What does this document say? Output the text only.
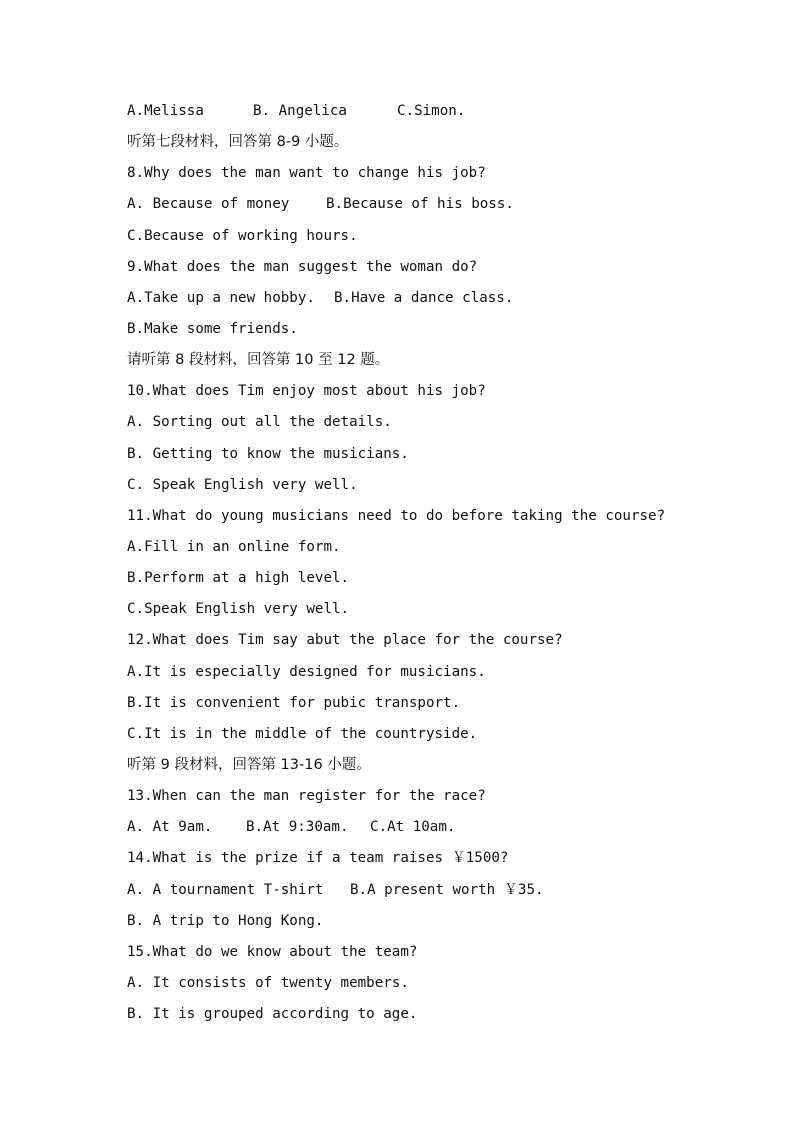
A.Melissa	B. Angelica	C.Simon.
听第七段材料，回答第 8-9 小题。
8.Why does the man want to change his job?
A. Because of money	B.Because of his boss.
C.Because of working hours.
9.What does the man suggest the woman do?
A.Take up a new hobby. B.Have a dance class.
B.Make some friends.
请听第 8 段材料，回答第 10 至 12 题。
10.What does Tim enjoy most about his job?
A. Sorting out all the details.
B. Getting to know the musicians.
C. Speak English very well.
11.What do young musicians need to do before taking the course?
A.Fill in an online form.
B.Perform at a high level.
C.Speak English very well.
12.What does Tim say abut the place for the course?
A.It is especially designed for musicians.
B.It is convenient for pubic transport.
C.It is in the middle of the countryside.
听第 9 段材料，回答第 13-16 小题。
13.When can the man register for the race?
A. At 9am. B.At 9:30am. C.At 10am.
14.What is the prize if a team raises ￥1500?
A. A tournament T-shirt B.A present worth ￥35.
B. A trip to Hong Kong.
15.What do we know about the team?
A. It consists of twenty members.
B. It is grouped according to age.
